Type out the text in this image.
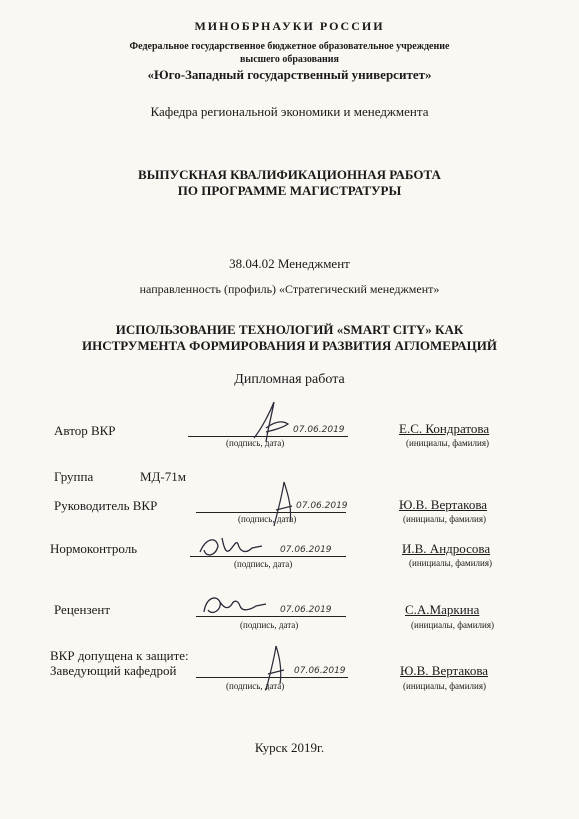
МИНОБРНАУКИ РОССИИ
Федеральное государственное бюджетное образовательное учреждение
высшего образования
«Юго-Западный государственный университет»
Кафедра региональной экономики и менеджмента
ВЫПУСКНАЯ КВАЛИФИКАЦИОННАЯ РАБОТА
ПО ПРОГРАММЕ МАГИСТРАТУРЫ
38.04.02 Менеджмент
направленность (профиль) «Стратегический менеджмент»
ИСПОЛЬЗОВАНИЕ ТЕХНОЛОГИЙ «SMART CITY» КАК
ИНСТРУМЕНТА ФОРМИРОВАНИЯ И РАЗВИТИЯ АГЛОМЕРАЦИЙ
Дипломная работа
Автор ВКР	07.06.2019
(подпись, дата)
Е.С. Кондратова
(инициалы, фамилия)
Группа	МД-71м
Руководитель ВКР	07.06.2019
(подпись, дата)
Ю.В. Вертакова
(инициалы, фамилия)
Нормоконтроль	07.06.2019
(подпись, дата)
И.В. Андросова
(инициалы, фамилия)
Рецензент	07.06.2019
(подпись, дата)
С.А.Маркина
(инициалы, фамилия)
ВКР допущена к защите:
Заведующий кафедрой	07.06.2019
(подпись, дата)
Ю.В. Вертакова
(инициалы, фамилия)
Курск 2019г.
